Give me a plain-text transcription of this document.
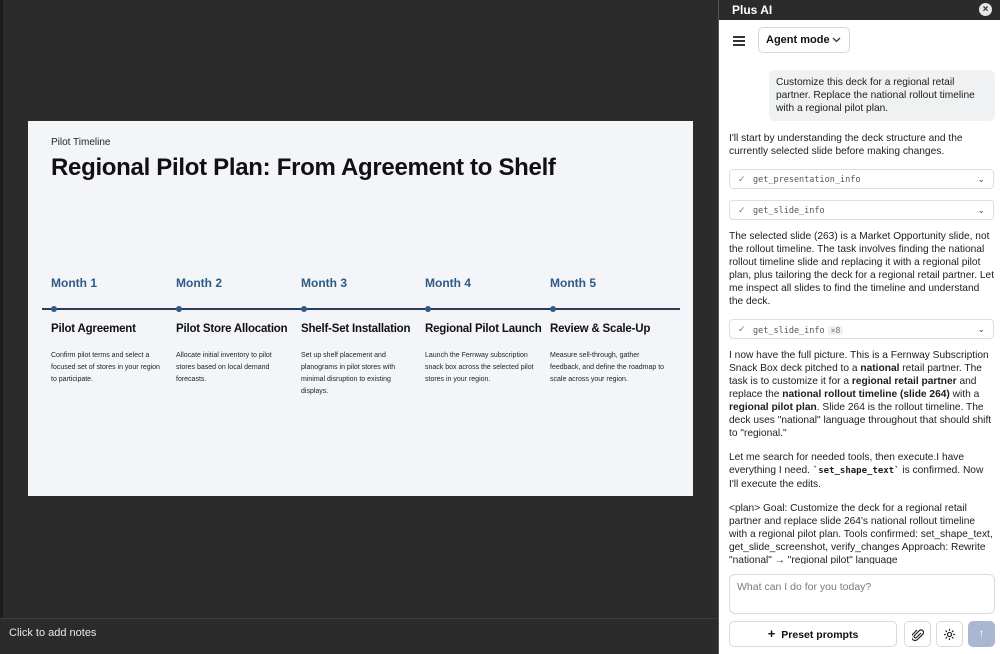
Pilot Timeline
Regional Pilot Plan: From Agreement to Shelf
Month 1
Pilot Agreement
Confirm pilot terms and select a focused set of stores in your region to participate.
Month 2
Pilot Store Allocation
Allocate initial inventory to pilot stores based on local demand forecasts.
Month 3
Shelf-Set Installation
Set up shelf placement and planograms in pilot stores with minimal disruption to existing displays.
Month 4
Regional Pilot Launch
Launch the Fernway subscription snack box across the selected pilot stores in your region.
Month 5
Review & Scale-Up
Measure sell-through, gather feedback, and define the roadmap to scale across your region.
Click to add notes
Plus AI	×
Agent mode
Customize this deck for a regional retail partner. Replace the national rollout timeline with a regional pilot plan.
I'll start by understanding the deck structure and the currently selected slide before making changes.
✓ get_presentation_info	⌄
✓ get_slide_info	⌄
The selected slide (263) is a Market Opportunity slide, not the rollout timeline. The task involves finding the national rollout timeline slide and replacing it with a regional pilot plan, plus tailoring the deck for a regional retail partner. Let me inspect all slides to find the timeline and understand the deck.
✓ get_slide_info ×8	⌄
I now have the full picture. This is a Fernway Subscription Snack Box deck pitched to a national retail partner. The task is to customize it for a regional retail partner and replace the national rollout timeline (slide 264) with a regional pilot plan. Slide 264 is the rollout timeline. The deck uses "national" language throughout that should shift to "regional."
Let me search for needed tools, then execute.I have everything I need. `set_shape_text` is confirmed. Now I'll execute the edits.
<plan> Goal: Customize the deck for a regional retail partner and replace slide 264's national rollout timeline with a regional pilot plan. Tools confirmed: set_shape_text, get_slide_screenshot, verify_changes Approach: Rewrite "national" → "regional pilot" language
What can I do for you today?
+ Preset prompts	↑
